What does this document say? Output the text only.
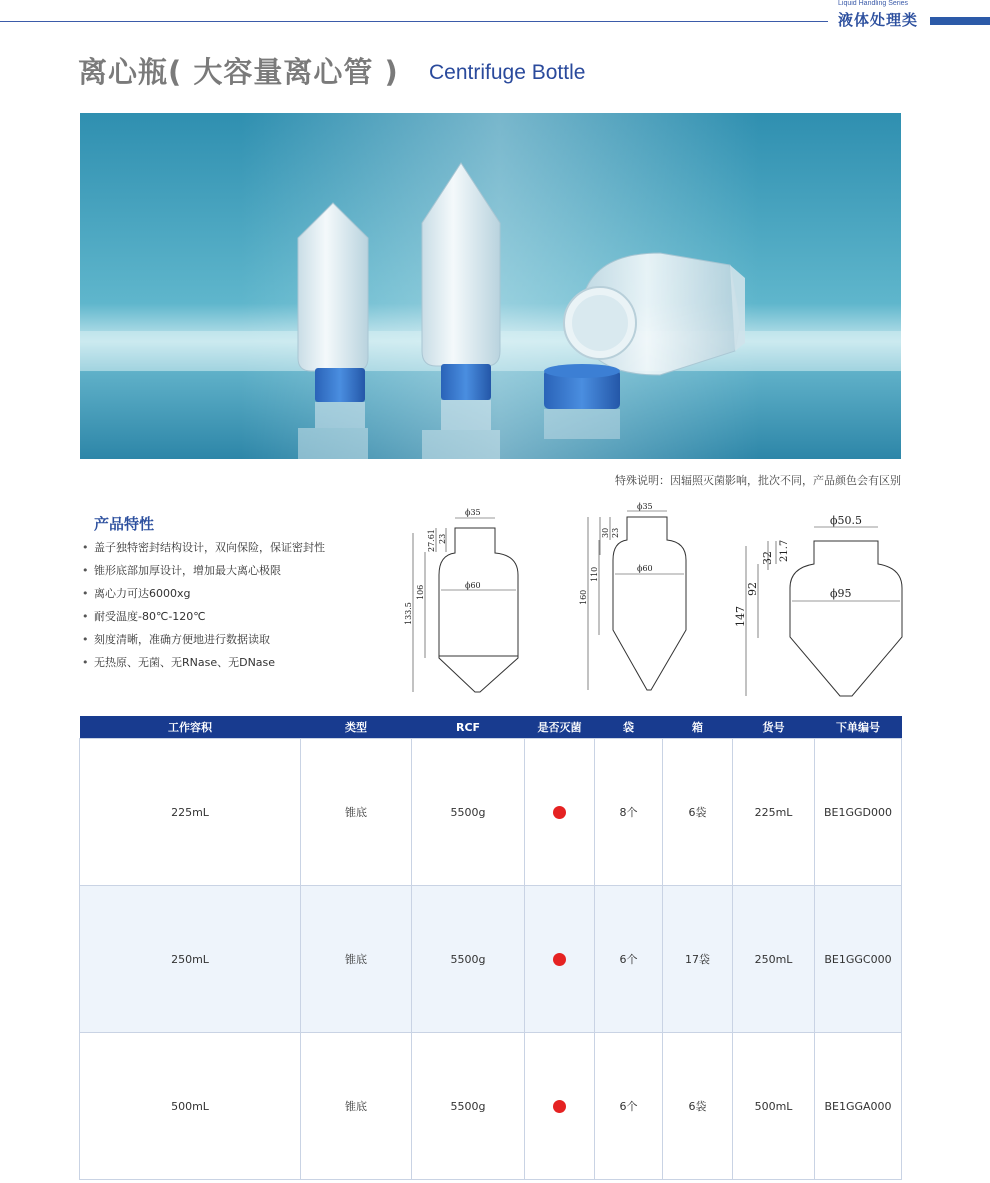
Liquid Handling Series
液体处理类
离心瓶( 大容量离心管 ) Centrifuge Bottle
特殊说明：因辐照灭菌影响，批次不同，产品颜色会有区别
产品特性
• 盖子独特密封结构设计，双向保险，保证密封性
• 锥形底部加厚设计，增加最大离心极限
• 离心力可达6000xg
• 耐受温度-80℃-120℃
• 刻度清晰，准确方便地进行数据读取
• 无热原、无菌、无RNase、无DNase
ϕ35
ϕ60
27.61 23
106
133.5
ϕ35
ϕ60
30 23
110
160
ϕ50.5
ϕ95
21.7
32
92
147
工作容积	类型	RCF	是否灭菌	袋	箱	货号	下单编号
225mL	锥底	5500g		8个	6袋	225mL	BE1GGD000
250mL	锥底	5500g		6个	17袋	250mL	BE1GGC000
500mL	锥底	5500g		6个	6袋	500mL	BE1GGA000
